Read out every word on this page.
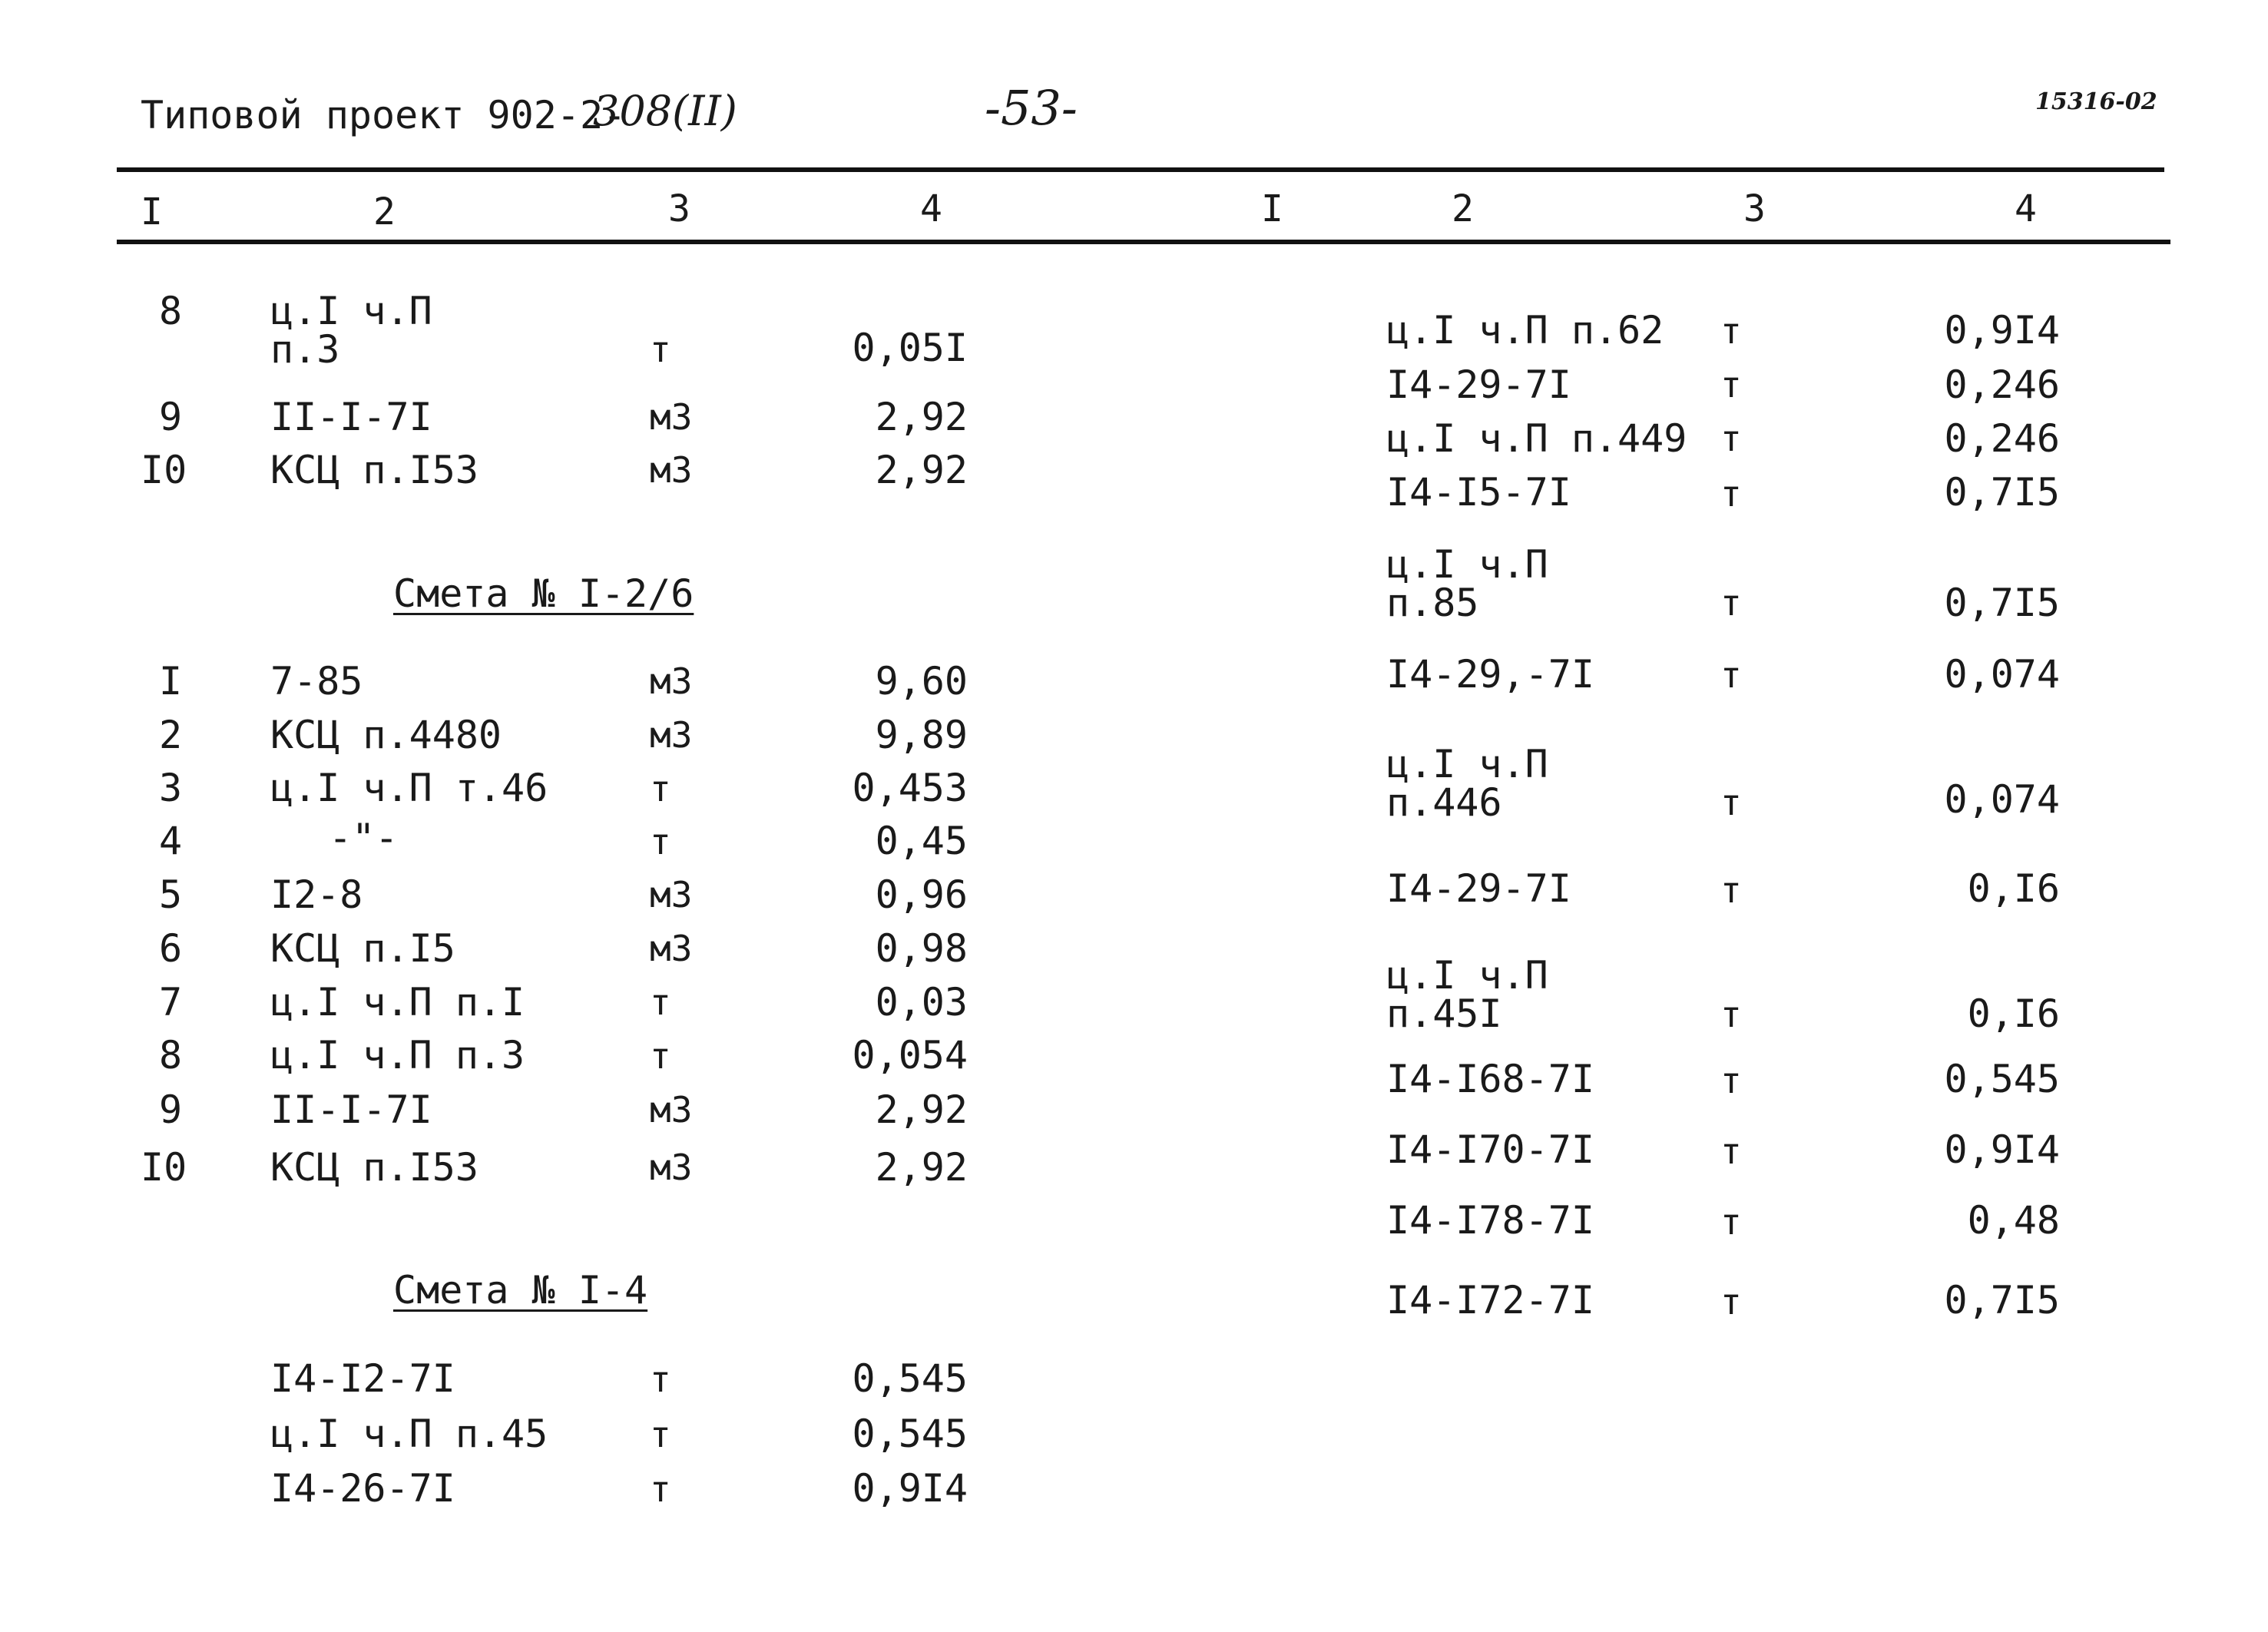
Типовой проект 902-2-
308(II)	-53-	15316-02
I	2	3	4	I	2	3	4
8 ц.I ч.П
п.3	т	0,05I
9 II-I-7I	м3	2,92
I0 КСЦ п.I53	м3	2,92
Смета № I-2/6
I 7-85	м3	9,60
2 КСЦ п.4480	м3	9,89
3 ц.I ч.П т.46	т	0,453
4	-"-	т	0,45
5 I2-8	м3	0,96
6 КСЦ п.I5	м3	0,98
7 ц.I ч.П п.I	т	0,03
8 ц.I ч.П п.3	т	0,054
9 II-I-7I	м3	2,92
I0 КСЦ п.I53	м3	2,92
Смета № I-4
I4-I2-7I	т	0,545
ц.I ч.П п.45	т	0,545
I4-26-7I	т	0,9I4
ц.I ч.П п.62 т	0,9I4
I4-29-7I	т	0,246
ц.I ч.П п.449 т	0,246
I4-I5-7I	т	0,7I5
ц.I ч.П
п.85	т	0,7I5
I4-29,-7I	т	0,074
ц.I ч.П
п.446	т	0,074
I4-29-7I	т	0,I6
ц.I ч.П
п.45I	т	0,I6
I4-I68-7I	т	0,545
I4-I70-7I	т	0,9I4
I4-I78-7I	т	0,48
I4-I72-7I	т	0,7I5
